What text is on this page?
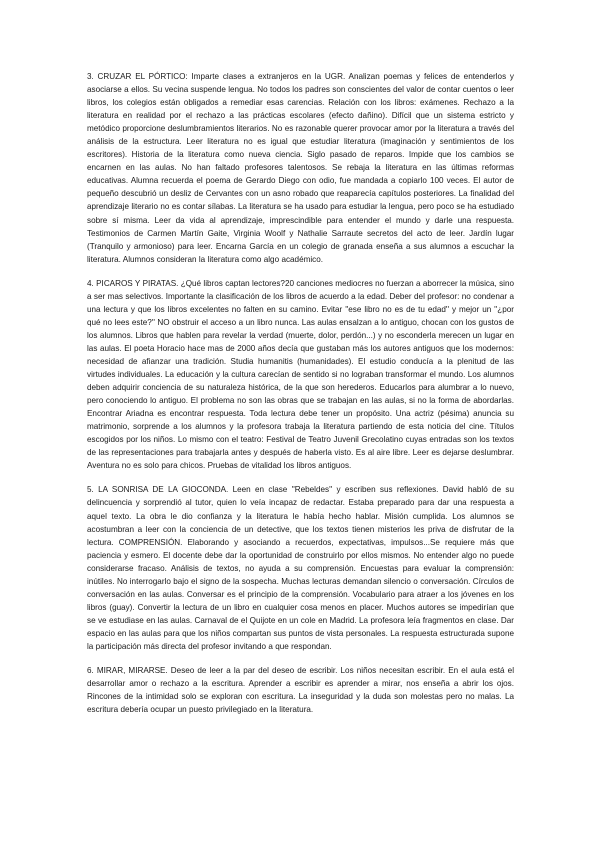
3. CRUZAR EL PÓRTICO: Imparte clases a extranjeros en la UGR. Analizan poemas y felices de entenderlos y asociarse a ellos. Su vecina suspende lengua. No todos los padres son conscientes del valor de contar cuentos o leer libros, los colegios están obligados a remediar esas carencias. Relación con los libros: exámenes. Rechazo a la literatura en realidad por el rechazo a las prácticas escolares (efecto dañino). Difícil que un sistema estricto y metódico proporcione deslumbramientos literarios. No es razonable querer provocar amor por la literatura a través del análisis de la estructura. Leer literatura no es igual que estudiar literatura (imaginación y sentimientos de los escritores). Historia de la literatura como nueva ciencia. Siglo pasado de reparos. Impide que los cambios se encarnen en las aulas. No han faltado profesores talentosos. Se rebaja la literatura en las últimas reformas educativas. Alumna recuerda el poema de Gerardo Diego con odio, fue mandada a copiarlo 100 veces. El autor de pequeño descubrió un desliz de Cervantes con un asno robado que reaparecía capítulos posteriores. La finalidad del aprendizaje literario no es contar sílabas. La literatura se ha usado para estudiar la lengua, pero poco se ha estudiado sobre sí misma. Leer da vida al aprendizaje, imprescindible para entender el mundo y darle una respuesta. Testimonios de Carmen Martín Gaite, Virginia Woolf y Nathalie Sarraute secretos del acto de leer. Jardín lugar (Tranquilo y armonioso) para leer. Encarna García en un colegio de granada enseña a sus alumnos a escuchar la literatura. Alumnos consideran la literatura como algo académico.

4. PICAROS Y PIRATAS. ¿Qué libros captan lectores?20 canciones mediocres no fuerzan a aborrecer la música, sino a ser mas selectivos. Importante la clasificación de los libros de acuerdo a la edad. Deber del profesor: no condenar a una lectura y que los libros excelentes no falten en su camino. Evitar ''ese libro no es de tu edad'' y mejor un ''¿por qué no lees este?'' NO obstruir el acceso a un libro nunca. Las aulas ensalzan a lo antiguo, chocan con los gustos de los alumnos. Libros que hablen para revelar la verdad (muerte, dolor, perdón...) y no esconderla merecen un lugar en las aulas. El poeta Horacio hace mas de 2000 años decía que gustaban más los autores antiguos que los modernos: necesidad de afianzar una tradición. Studia humanitis (humanidades). El estudio conducía a la plenitud de las virtudes individuales. La educación y la cultura carecían de sentido si no lograban transformar el mundo. Los alumnos deben adquirir conciencia de su naturaleza histórica, de la que son herederos. Educarlos para alumbrar a lo nuevo, pero conociendo lo antiguo. El problema no son las obras que se trabajan en las aulas, si no la forma de abordarlas. Encontrar Ariadna es encontrar respuesta. Toda lectura debe tener un propósito. Una actriz (pésima) anuncia su matrimonio, sorprende a los alumnos y la profesora trabaja la literatura partiendo de esta noticia del cine. Títulos escogidos por los niños. Lo mismo con el teatro: Festival de Teatro Juvenil Grecolatino cuyas entradas son los textos de las representaciones para trabajarla antes y después de haberla visto. Es al aire libre. Leer es dejarse deslumbrar. Aventura no es solo para chicos. Pruebas de vitalidad los libros antiguos.

5. LA SONRISA DE LA GIOCONDA. Leen en clase ''Rebeldes'' y escriben sus reflexiones. David habló de su delincuencia y sorprendió al tutor, quien lo veía incapaz de redactar. Estaba preparado para dar una respuesta a aquel texto. La obra le dio confianza y la literatura le había hecho hablar. Misión cumplida. Los alumnos se acostumbran a leer con la conciencia de un detective, que los textos tienen misterios les priva de disfrutar de la lectura. COMPRENSIÓN. Elaborando y asociando a recuerdos, expectativas, impulsos...Se requiere más que paciencia y esmero. El docente debe dar la oportunidad de construirlo por ellos mismos. No entender algo no puede considerarse fracaso. Análisis de textos, no ayuda a su comprensión. Encuestas para evaluar la comprensión: inútiles. No interrogarlo bajo el signo de la sospecha. Muchas lecturas demandan silencio o conversación. Círculos de conversación en las aulas. Conversar es el principio de la comprensión. Vocabulario para atraer a los jóvenes en los libros (guay). Convertir la lectura de un libro en cualquier cosa menos en placer. Muchos autores se impedirían que se ve estudiase en las aulas. Carnaval de el Quijote en un cole en Madrid. La profesora leía fragmentos en clase. Dar espacio en las aulas para que los niños compartan sus puntos de vista personales. La respuesta estructurada supone la participación más directa del profesor invitando a que respondan.

6. MIRAR, MIRARSE. Deseo de leer a la par del deseo de escribir. Los niños necesitan escribir. En el aula está el desarrollar amor o rechazo a la escritura. Aprender a escribir es aprender a mirar, nos enseña a abrir los ojos. Rincones de la intimidad solo se exploran con escritura. La inseguridad y la duda son molestas pero no malas. La escritura debería ocupar un puesto privilegiado en la literatura.
